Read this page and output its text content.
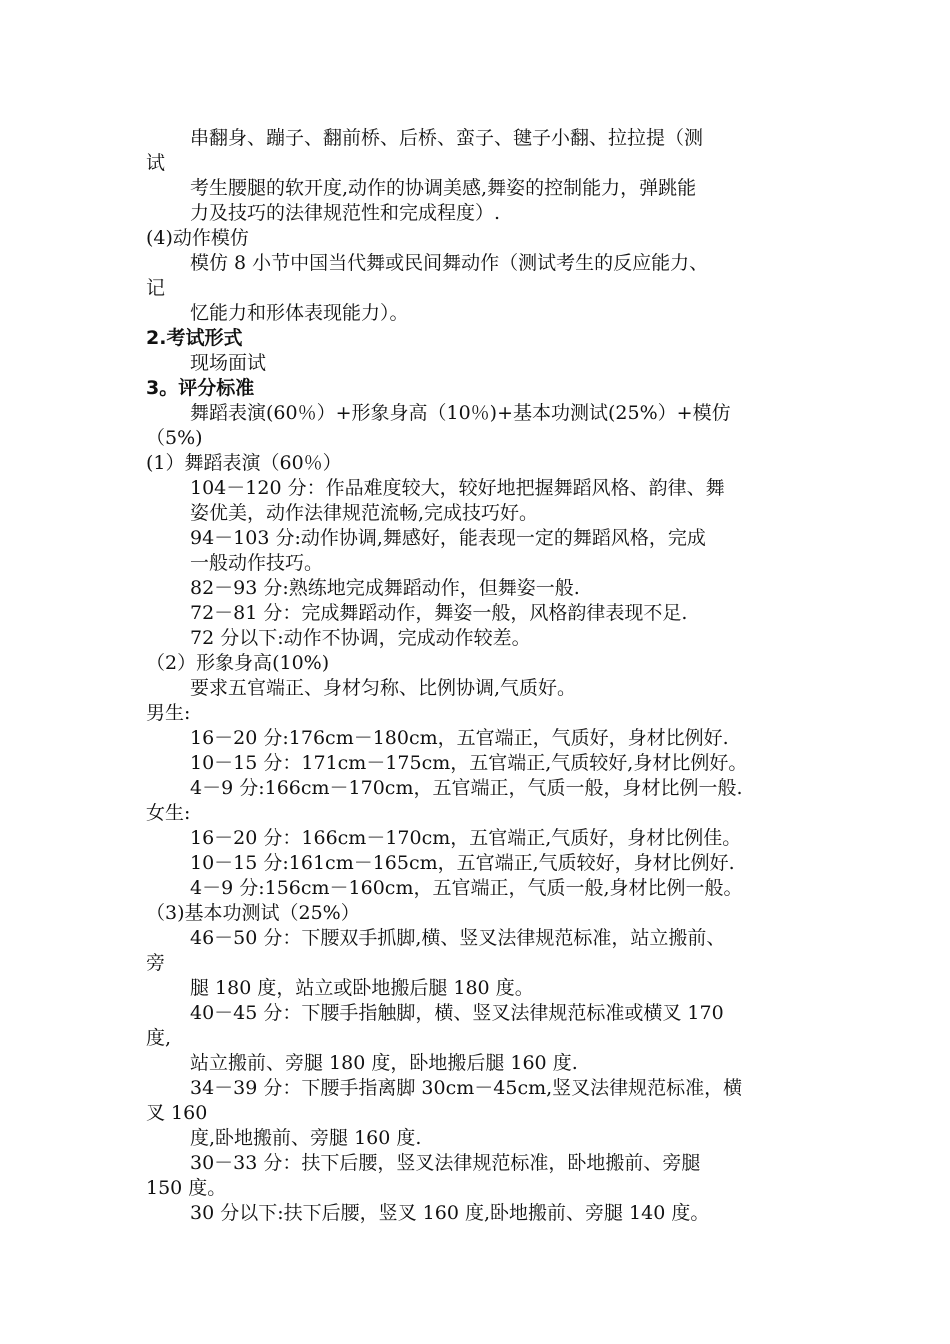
串翻身、蹦子、翻前桥、后桥、蛮子、毽子小翻、拉拉提（测
试
考生腰腿的软开度,动作的协调美感,舞姿的控制能力，弹跳能
力及技巧的法律规范性和完成程度）.
(4)动作模仿
模仿 8 小节中国当代舞或民间舞动作（测试考生的反应能力、
记
忆能力和形体表现能力）。
2.考试形式
现场面试
3。评分标准
舞蹈表演(60％）+形象身高（10％)+基本功测试(25%）+模仿
（5%)
(1）舞蹈表演（60％）
104－120 分：作品难度较大，较好地把握舞蹈风格、韵律、舞
姿优美，动作法律规范流畅,完成技巧好。
94－103 分:动作协调,舞感好，能表现一定的舞蹈风格，完成
一般动作技巧。
82－93 分:熟练地完成舞蹈动作，但舞姿一般.
72－81 分：完成舞蹈动作，舞姿一般，风格韵律表现不足.
72 分以下:动作不协调，完成动作较差。
（2）形象身高(10%)
要求五官端正、身材匀称、比例协调,气质好。
男生:
16－20 分:176cm－180cm，五官端正，气质好，身材比例好.
10－15 分：171cm－175cm，五官端正,气质较好,身材比例好。
4－9 分:166cm－170cm，五官端正，气质一般，身材比例一般.
女生:
16－20 分：166cm－170cm，五官端正,气质好，身材比例佳。
10－15 分:161cm－165cm，五官端正,气质较好，身材比例好.
4－9 分:156cm－160cm，五官端正，气质一般,身材比例一般。
（3)基本功测试（25%）
46－50 分：下腰双手抓脚,横、竖叉法律规范标准，站立搬前、
旁
腿 180 度，站立或卧地搬后腿 180 度。
40－45 分：下腰手指触脚，横、竖叉法律规范标准或横叉 170
度,
站立搬前、旁腿 180 度，卧地搬后腿 160 度.
34－39 分：下腰手指离脚 30cm－45cm,竖叉法律规范标准，横
叉 160
度,卧地搬前、旁腿 160 度.
30－33 分：扶下后腰，竖叉法律规范标准，卧地搬前、旁腿
150 度。
30 分以下:扶下后腰，竖叉 160 度,卧地搬前、旁腿 140 度。
